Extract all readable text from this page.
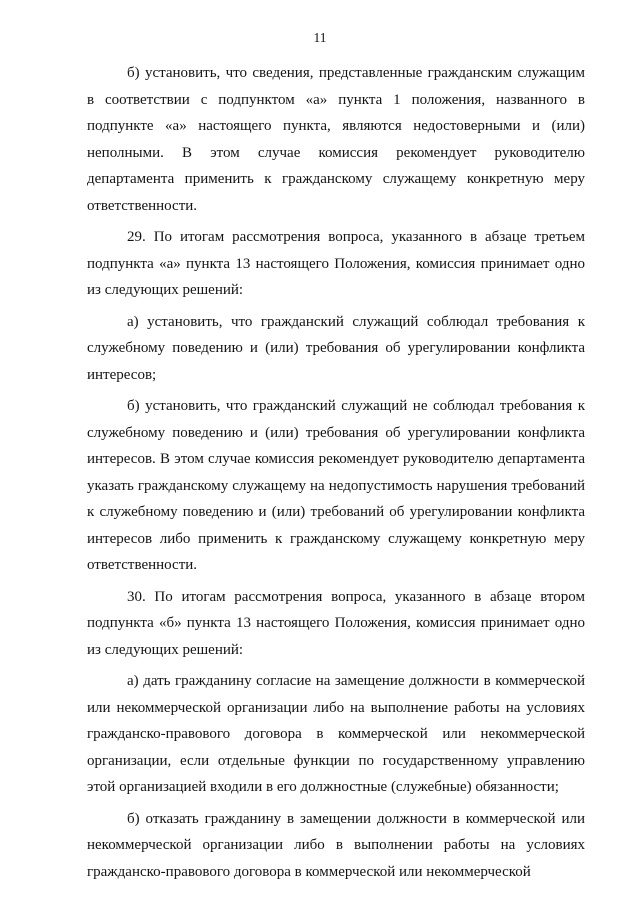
11

б) установить, что сведения, представленные гражданским служащим в соответствии с подпунктом «а» пункта 1 положения, названного в подпункте «а» настоящего пункта, являются недостоверными и (или) неполными. В этом случае комиссия рекомендует руководителю департамента применить к гражданскому служащему конкретную меру ответственности.

29. По итогам рассмотрения вопроса, указанного в абзаце третьем подпункта «а» пункта 13 настоящего Положения, комиссия принимает одно из следующих решений:

а) установить, что гражданский служащий соблюдал требования к служебному поведению и (или) требования об урегулировании конфликта интересов;

б) установить, что гражданский служащий не соблюдал требования к служебному поведению и (или) требования об урегулировании конфликта интересов. В этом случае комиссия рекомендует руководителю департамента указать гражданскому служащему на недопустимость нарушения требований к служебному поведению и (или) требований об урегулировании конфликта интересов либо применить к гражданскому служащему конкретную меру ответственности.

30. По итогам рассмотрения вопроса, указанного в абзаце втором подпункта «б» пункта 13 настоящего Положения, комиссия принимает одно из следующих решений:

а) дать гражданину согласие на замещение должности в коммерческой или некоммерческой организации либо на выполнение работы на условиях гражданско-правового договора в коммерческой или некоммерческой организации, если отдельные функции по государственному управлению этой организацией входили в его должностные (служебные) обязанности;

б) отказать гражданину в замещении должности в коммерческой или некоммерческой организации либо в выполнении работы на условиях гражданско-правового договора в коммерческой или некоммерческой
